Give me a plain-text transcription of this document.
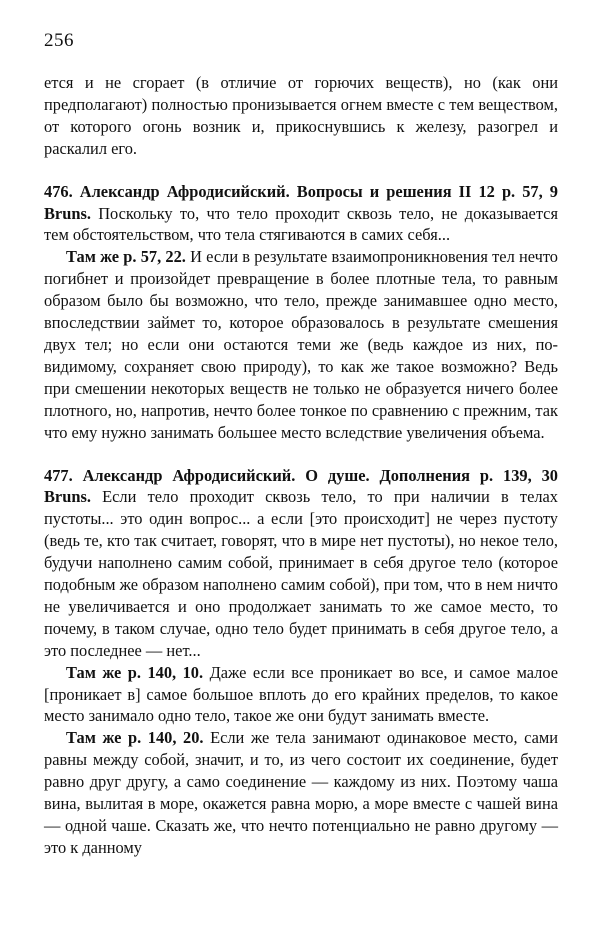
256

ется и не сгорает (в отличие от горючих веществ), но (как они предполагают) полностью пронизывается огнем вместе с тем веществом, от которого огонь возник и, прикоснувшись к железу, разогрел и раскалил его.

476. Александр Афродисийский. Вопросы и решения II 12 р. 57, 9 Bruns. Поскольку то, что тело проходит сквозь тело, не доказывается тем обстоятельством, что тела стягиваются в самих себя...

Там же р. 57, 22. И если в результате взаимопроникновения тел нечто погибнет и произойдет превращение в более плотные тела, то равным образом было бы возможно, что тело, прежде занимавшее одно место, впоследствии займет то, которое образовалось в результате смешения двух тел; но если они остаются теми же (ведь каждое из них, по-видимому, сохраняет свою природу), то как же такое возможно? Ведь при смешении некоторых веществ не только не образуется ничего более плотного, но, напротив, нечто более тонкое по сравнению с прежним, так что ему нужно занимать большее место вследствие увеличения объема.

477. Александр Афродисийский. О душе. Дополнения р. 139, 30 Bruns. Если тело проходит сквозь тело, то при наличии в телах пустоты... это один вопрос... а если [это происходит] не через пустоту (ведь те, кто так считает, говорят, что в мире нет пустоты), но некое тело, будучи наполнено самим собой, принимает в себя другое тело (которое подобным же образом наполнено самим собой), при том, что в нем ничто не увеличивается и оно продолжает занимать то же самое место, то почему, в таком случае, одно тело будет принимать в себя другое тело, а это последнее — нет...

Там же р. 140, 10. Даже если все проникает во все, и самое малое [проникает в] самое большое вплоть до его крайних пределов, то какое место занимало одно тело, такое же они будут занимать вместе.

Там же р. 140, 20. Если же тела занимают одинаковое место, сами равны между собой, значит, и то, из чего состоит их соединение, будет равно друг другу, а само соединение — каждому из них. Поэтому чаша вина, вылитая в море, окажется равна морю, а море вместе с чашей вина — одной чаше. Сказать же, что нечто потенциально не равно другому — это к данному
